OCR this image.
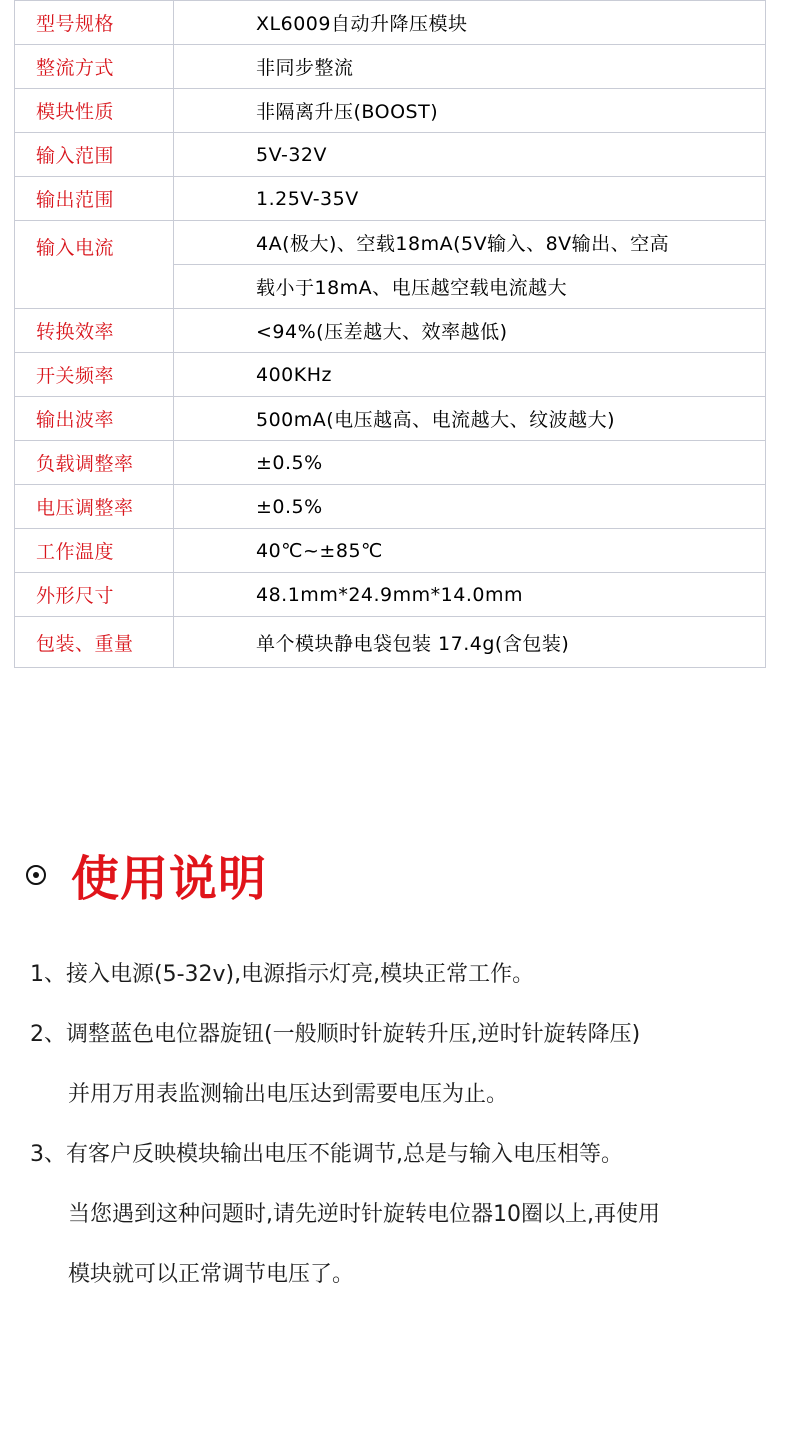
型号规格	XL6009自动升降压模块
整流方式	非同步整流
模块性质	非隔离升压(BOOST)
输入范围	5V-32V
输出范围	1.25V-35V
输入电流	4A(极大)、空载18mA(5V输入、8V输出、空高
	载小于18mA、电压越空载电流越大
转换效率	<94%(压差越大、效率越低)
开关频率	400KHz
输出波率	500mA(电压越高、电流越大、纹波越大)
负载调整率	±0.5%
电压调整率	±0.5%
工作温度	40℃~±85℃
外形尺寸	48.1mm*24.9mm*14.0mm
包装、重量	单个模块静电袋包装 17.4g(含包装)
使用说明

1、接入电源(5-32v),电源指示灯亮,模块正常工作。

2、调整蓝色电位器旋钮(一般顺时针旋转升压,逆时针旋转降压)

并用万用表监测输出电压达到需要电压为止。

3、有客户反映模块输出电压不能调节,总是与输入电压相等。

当您遇到这种问题时,请先逆时针旋转电位器10圈以上,再使用

模块就可以正常调节电压了。
